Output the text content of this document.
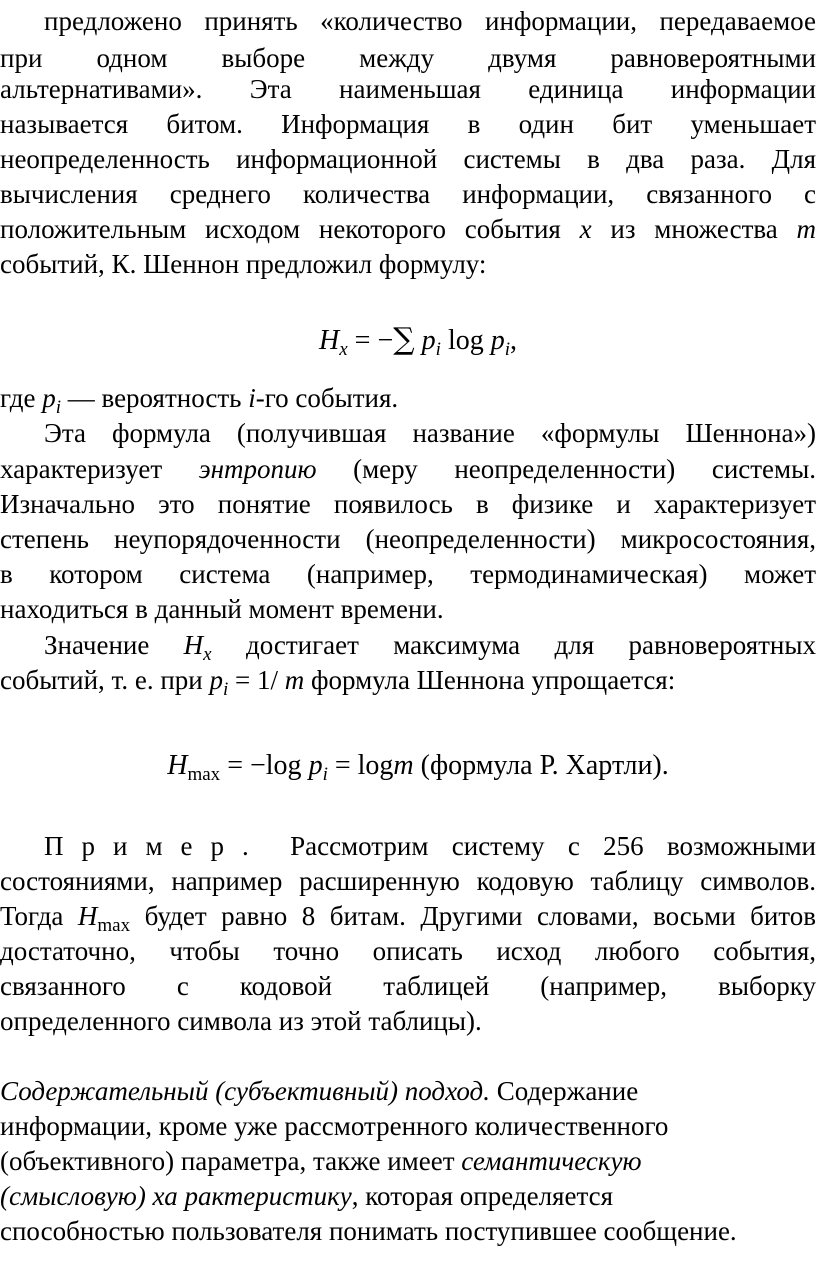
предложено принять «количество информации, передаваемое
при одном выборе между двумя равновероятными
альтернативами». Эта наименьшая единица информации
называется битом. Информация в один бит уменьшает
неопределенность информационной системы в два раза. Для
вычисления среднего количества информации, связанного с
положительным исходом некоторого события x из множества m
событий, К. Шеннон предложил формулу:
$H_x$ = −∑ $p_i$ $\log p_i$,
где $p_i$ — вероятность i-го события.
Эта формула (получившая название «формулы Шеннона»)
характеризует энтропию (меру неопределенности) системы.
Изначально это понятие появилось в физике и характеризует
степень неупорядоченности (неопределенности) микросостояния,
в котором система (например, термодинамическая) может
находиться в данный момент времени.
Значение $H_x$ достигает максимума для равновероятных
событий, т. е. при $p_i = 1/$ m формула Шеннона упрощается:
$H_{max} = -\log$ $p_i = \log m$ (формула Р. Хартли).
Пример. Рассмотрим систему с 256 возможными
состояниями, например расширенную кодовую таблицу символов.
Тогда $H_{max}$ будет равно 8 битам. Другими словами, восьми битов
достаточно, чтобы точно описать исход любого события,
связанного с кодовой таблицей (например, выборку
определенного символа из этой таблицы).
Содержательный (субъективный) подход. Содержание
информации, кроме уже рассмотренного количественного
(объективного) параметра, также имеет семантическую
(смысловую) ха рактеристику, которая определяется
способностью пользователя понимать поступившее сообщение.
